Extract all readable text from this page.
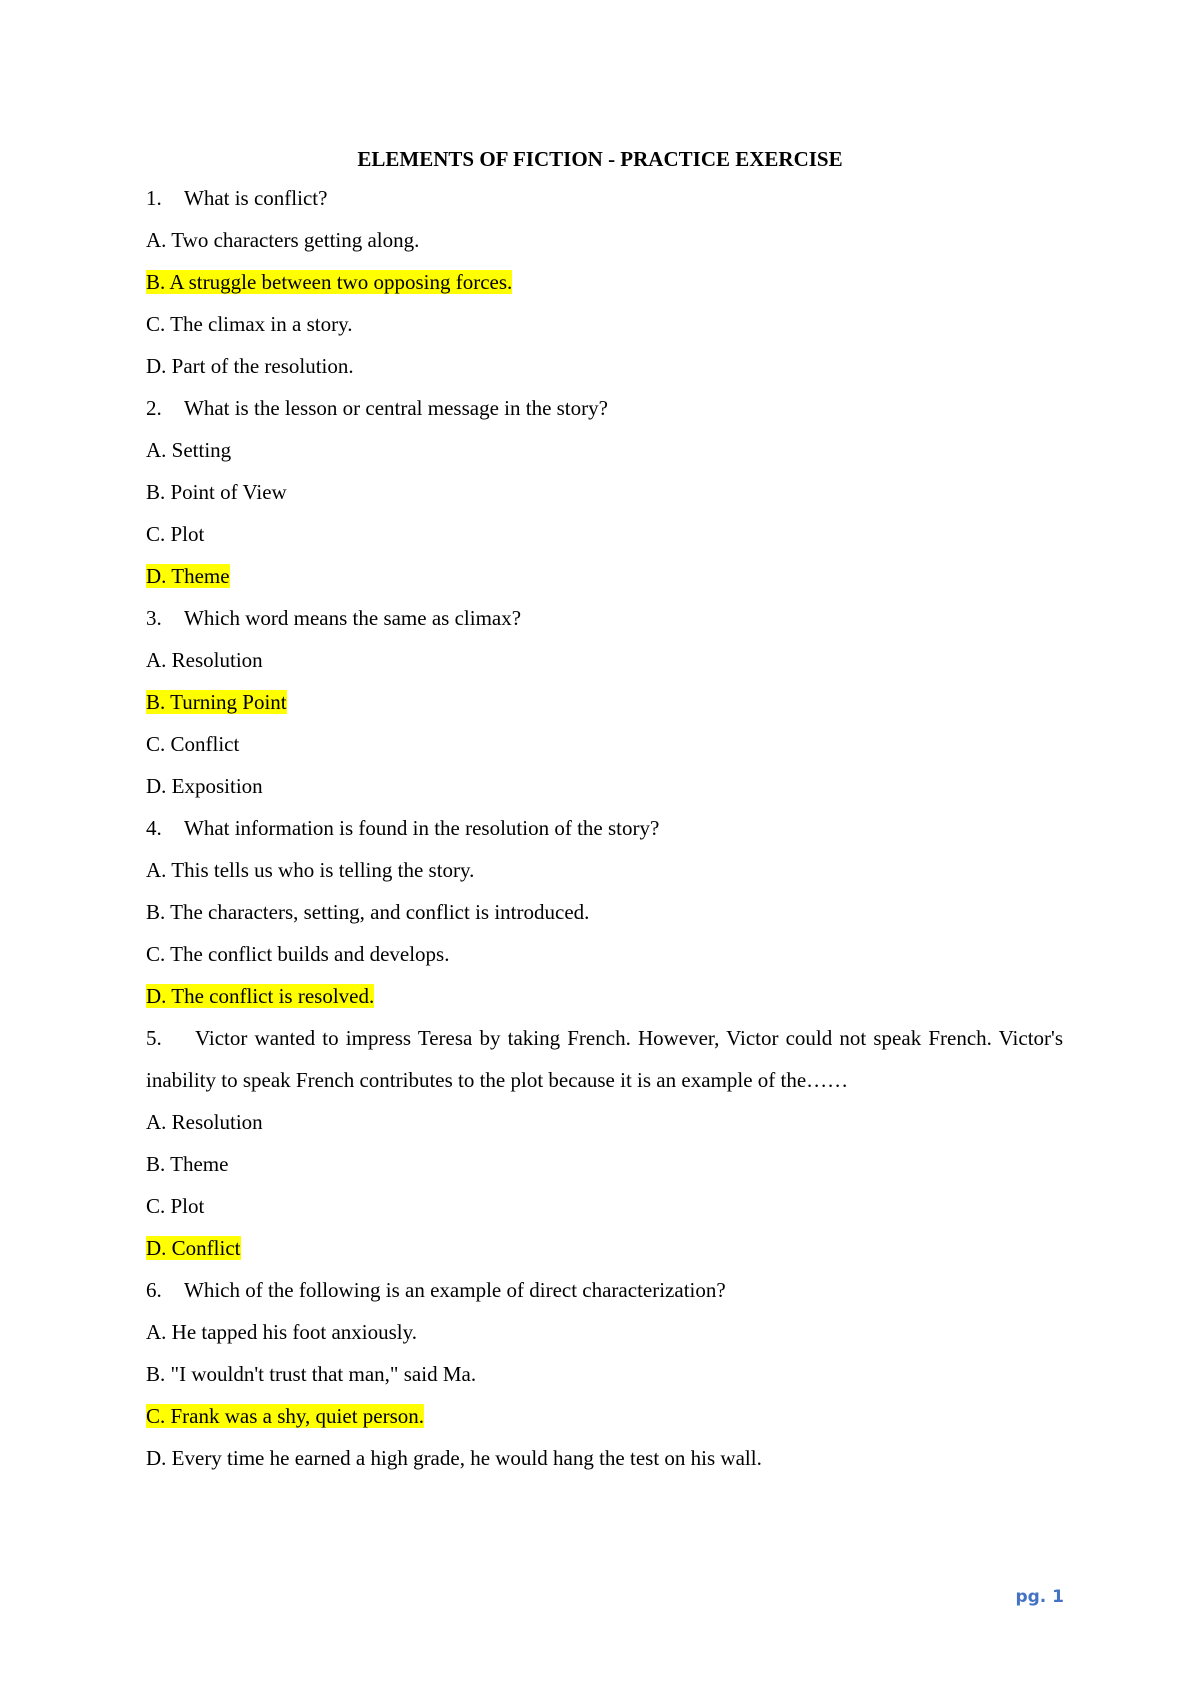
ELEMENTS OF FICTION - PRACTICE EXERCISE
1. What is conflict?
A. Two characters getting along.
B. A struggle between two opposing forces.
C. The climax in a story.
D. Part of the resolution.
2. What is the lesson or central message in the story?
A. Setting
B. Point of View
C. Plot
D. Theme
3. Which word means the same as climax?
A. Resolution
B. Turning Point
C. Conflict
D. Exposition
4. What information is found in the resolution of the story?
A. This tells us who is telling the story.
B. The characters, setting, and conflict is introduced.
C. The conflict builds and develops.
D. The conflict is resolved.
5. Victor wanted to impress Teresa by taking French. However, Victor could not speak French. Victor's inability to speak French contributes to the plot because it is an example of the……
A. Resolution
B. Theme
C. Plot
D. Conflict
6. Which of the following is an example of direct characterization?
A. He tapped his foot anxiously.
B. "I wouldn't trust that man," said Ma.
C. Frank was a shy, quiet person.
D. Every time he earned a high grade, he would hang the test on his wall.
pg. 1
